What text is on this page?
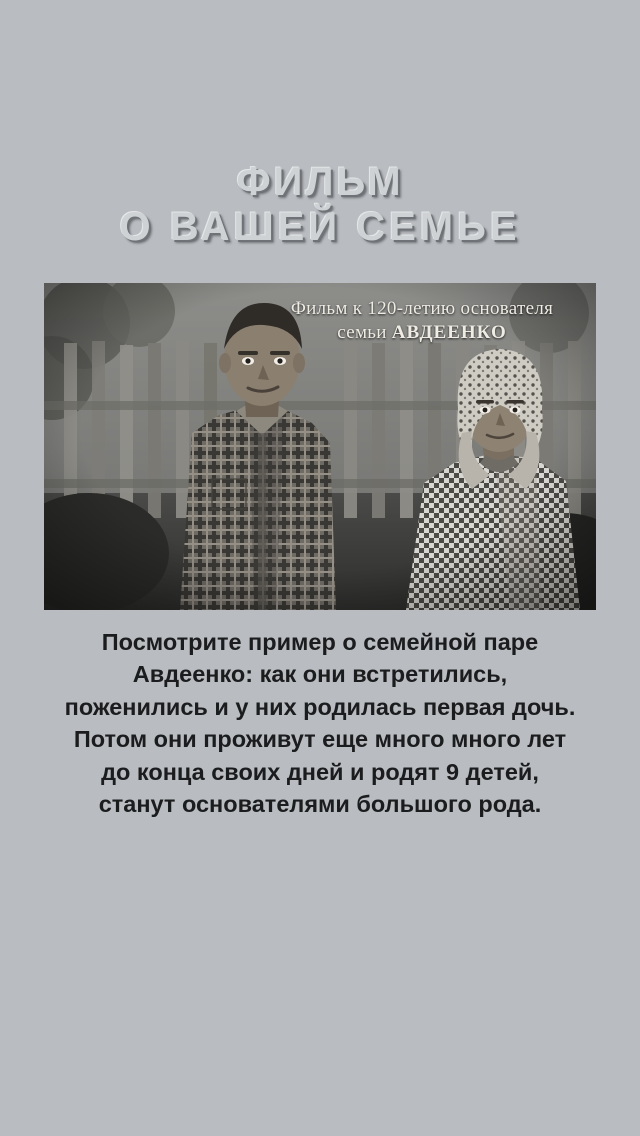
ФИЛЬМ
О ВАШЕЙ СЕМЬЕ
Фильм к 120-летию основателя
семьи АВДЕЕНКО

Посмотрите пример о семейной паре

Авдеенко: как они встретились,

поженились и у них родилась первая дочь.

Потом они проживут еще много много лет

до конца своих дней и родят 9 детей,

станут основателями большого рода.
